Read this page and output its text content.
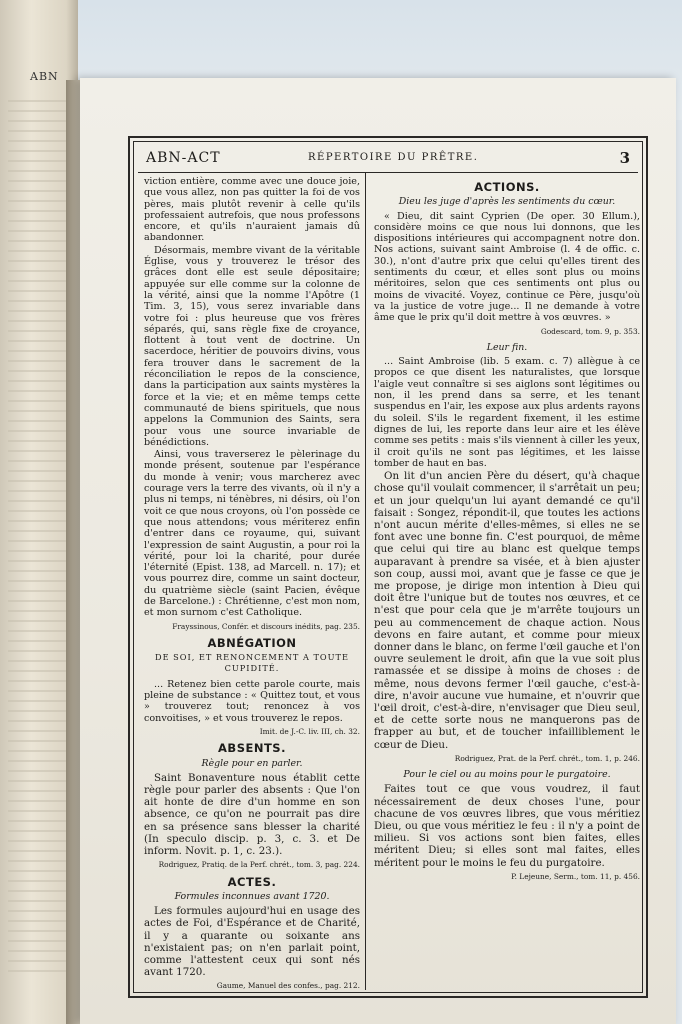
ABN
ABN-ACT	RÉPERTOIRE DU PRÊTRE.	3

viction entière, comme avec une douce joie, que vous allez, non pas quitter la foi de vos pères, mais plutôt revenir à celle qu'ils professaient autrefois, que nous professons encore, et qu'ils n'auraient jamais dû abandonner.

Désormais, membre vivant de la véritable Église, vous y trouverez le trésor des grâces dont elle est seule dépositaire; appuyée sur elle comme sur la colonne de la vérité, ainsi que la nomme l'Apôtre (1 Tim. 3, 15), vous serez invariable dans votre foi : plus heureuse que vos frères séparés, qui, sans règle fixe de croyance, flottent à tout vent de doctrine. Un sacerdoce, héritier de pouvoirs divins, vous fera trouver dans le sacrement de la réconciliation le repos de la conscience, dans la participation aux saints mystères la force et la vie; et en même temps cette communauté de biens spirituels, que nous appelons la Communion des Saints, sera pour vous une source invariable de bénédictions.

Ainsi, vous traverserez le pèlerinage du monde présent, soutenue par l'espérance du monde à venir; vous marcherez avec courage vers la terre des vivants, où il n'y a plus ni temps, ni ténèbres, ni désirs, où l'on voit ce que nous croyons, où l'on possède ce que nous attendons; vous mériterez enfin d'entrer dans ce royaume, qui, suivant l'expression de saint Augustin, a pour roi la vérité, pour loi la charité, pour durée l'éternité (Epist. 138, ad Marcell. n. 17); et vous pourrez dire, comme un saint docteur, du quatrième siècle (saint Pacien, évêque de Barcelone.) : Chrétienne, c'est mon nom, et mon surnom c'est Catholique.

Frayssinous, Confér. et discours inédits, pag. 235.
ABNÉGATION
DE SOI, ET RENONCEMENT A TOUTE CUPIDITÉ.

... Retenez bien cette parole courte, mais pleine de substance : « Quittez tout, et vous » trouverez tout; renoncez à vos convoitises, » et vous trouverez le repos.

Imit. de J.-C. liv. III, ch. 32.
ABSENTS.
Règle pour en parler.

Saint Bonaventure nous établit cette règle pour parler des absents : Que l'on ait honte de dire d'un homme en son absence, ce qu'on ne pourrait pas dire en sa présence sans blesser la charité (In speculo discip. p. 3, c. 3. et De inform. Novit. p. 1, c. 23.).

Rodriguez, Pratiq. de la Perf. chrét., tom. 3, pag. 224.
ACTES.
Formules inconnues avant 1720.

Les formules aujourd'hui en usage des actes de Foi, d'Espérance et de Charité, il y a quarante ou soixante ans n'existaient pas; on n'en parlait point, comme l'attestent ceux qui sont nés avant 1720.

Gaume, Manuel des confes., pag. 212.
ACTIONS.
Dieu les juge d'après les sentiments du cœur.

« Dieu, dit saint Cyprien (De oper. 30 Ellum.), considère moins ce que nous lui donnons, que les dispositions intérieures qui accompagnent notre don. Nos actions, suivant saint Ambroise (l. 4 de offic. c. 30.), n'ont d'autre prix que celui qu'elles tirent des sentiments du cœur, et elles sont plus ou moins méritoires, selon que ces sentiments ont plus ou moins de vivacité. Voyez, continue ce Père, jusqu'où va la justice de votre juge... Il ne demande à votre âme que le prix qu'il doit mettre à vos œuvres. »

Godescard, tom. 9, p. 353.
Leur fin.

... Saint Ambroise (lib. 5 exam. c. 7) allègue à ce propos ce que disent les naturalistes, que lorsque l'aigle veut connaître si ses aiglons sont légitimes ou non, il les prend dans sa serre, et les tenant suspendus en l'air, les expose aux plus ardents rayons du soleil. S'ils le regardent fixement, il les estime dignes de lui, les reporte dans leur aire et les élève comme ses petits : mais s'ils viennent à ciller les yeux, il croit qu'ils ne sont pas légitimes, et les laisse tomber de haut en bas.

On lit d'un ancien Père du désert, qu'à chaque chose qu'il voulait commencer, il s'arrêtait un peu; et un jour quelqu'un lui ayant demandé ce qu'il faisait : Songez, répondit-il, que toutes les actions n'ont aucun mérite d'elles-mêmes, si elles ne se font avec une bonne fin. C'est pourquoi, de même que celui qui tire au blanc est quelque temps auparavant à prendre sa visée, et à bien ajuster son coup, aussi moi, avant que je fasse ce que je me propose, je dirige mon intention à Dieu qui doit être l'unique but de toutes nos œuvres, et ce n'est que pour cela que je m'arrête toujours un peu au commencement de chaque action. Nous devons en faire autant, et comme pour mieux donner dans le blanc, on ferme l'œil gauche et l'on ouvre seulement le droit, afin que la vue soit plus ramassée et se dissipe à moins de choses : de même, nous devons fermer l'œil gauche, c'est-à-dire, n'avoir aucune vue humaine, et n'ouvrir que l'œil droit, c'est-à-dire, n'envisager que Dieu seul, et de cette sorte nous ne manquerons pas de frapper au but, et de toucher infailliblement le cœur de Dieu.

Rodriguez, Prat. de la Perf. chrét., tom. 1, p. 246.
Pour le ciel ou au moins pour le purgatoire.

Faites tout ce que vous voudrez, il faut nécessairement de deux choses l'une, pour chacune de vos œuvres libres, que vous méritiez Dieu, ou que vous méritiez le feu : il n'y a point de milieu. Si vos actions sont bien faites, elles méritent Dieu; si elles sont mal faites, elles méritent pour le moins le feu du purgatoire.

P. Lejeune, Serm., tom. 11, p. 456.
